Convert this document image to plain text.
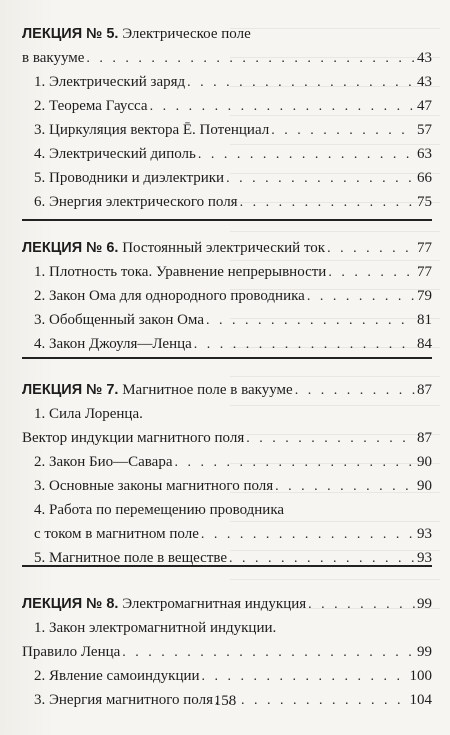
ЛЕКЦИЯ № 5. Электрическое поле
в вакууме . . .	43
1. Электрический заряд . . .	43
2. Теорема Гаусса . . .	47
3. Циркуляция вектора Ē. Потенциал . . .	57
4. Электрический диполь . . .	63
5. Проводники и диэлектрики . . .	66
6. Энергия электрического поля . . .	75
ЛЕКЦИЯ № 6. Постоянный электрический ток . . .	77
1. Плотность тока. Уравнение непрерывности . . .	77
2. Закон Ома для однородного проводника . . .	79
3. Обобщенный закон Ома . . .	81
4. Закон Джоуля—Ленца . . .	84
ЛЕКЦИЯ № 7. Магнитное поле в вакууме . . .	87
1. Сила Лоренца.
Вектор индукции магнитного поля . . .	87
2. Закон Био—Савара . . .	90
3. Основные законы магнитного поля . . .	90
4. Работа по перемещению проводника
с током в магнитном поле . . .	93
5. Магнитное поле в веществе . . .	93
ЛЕКЦИЯ № 8. Электромагнитная индукция . . .	99
1. Закон электромагнитной индукции.
Правило Ленца . . .	99
2. Явление самоиндукции . . .	100
3. Энергия магнитного поля . . .	104
158
